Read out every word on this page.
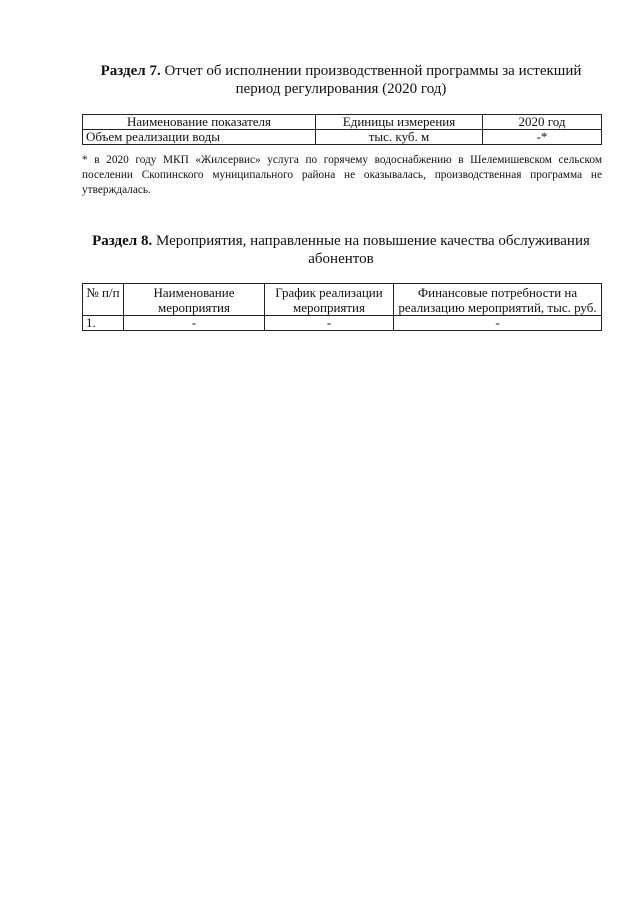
Раздел 7. Отчет об исполнении производственной программы за истекший период регулирования (2020 год)

Наименование показателя	Единицы измерения	2020 год
Объем реализации воды	тыс. куб. м	-*

* в 2020 году МКП «Жилсервис» услуга по горячему водоснабжению в Шелемишевском сельском поселении Скопинского муниципального района не оказывалась, производственная программа не утверждалась.

Раздел 8. Мероприятия, направленные на повышение качества обслуживания абонентов

№ п/п	Наименование мероприятия	График реализации мероприятия	Финансовые потребности на реализацию мероприятий, тыс. руб.
1.	-	-	-
